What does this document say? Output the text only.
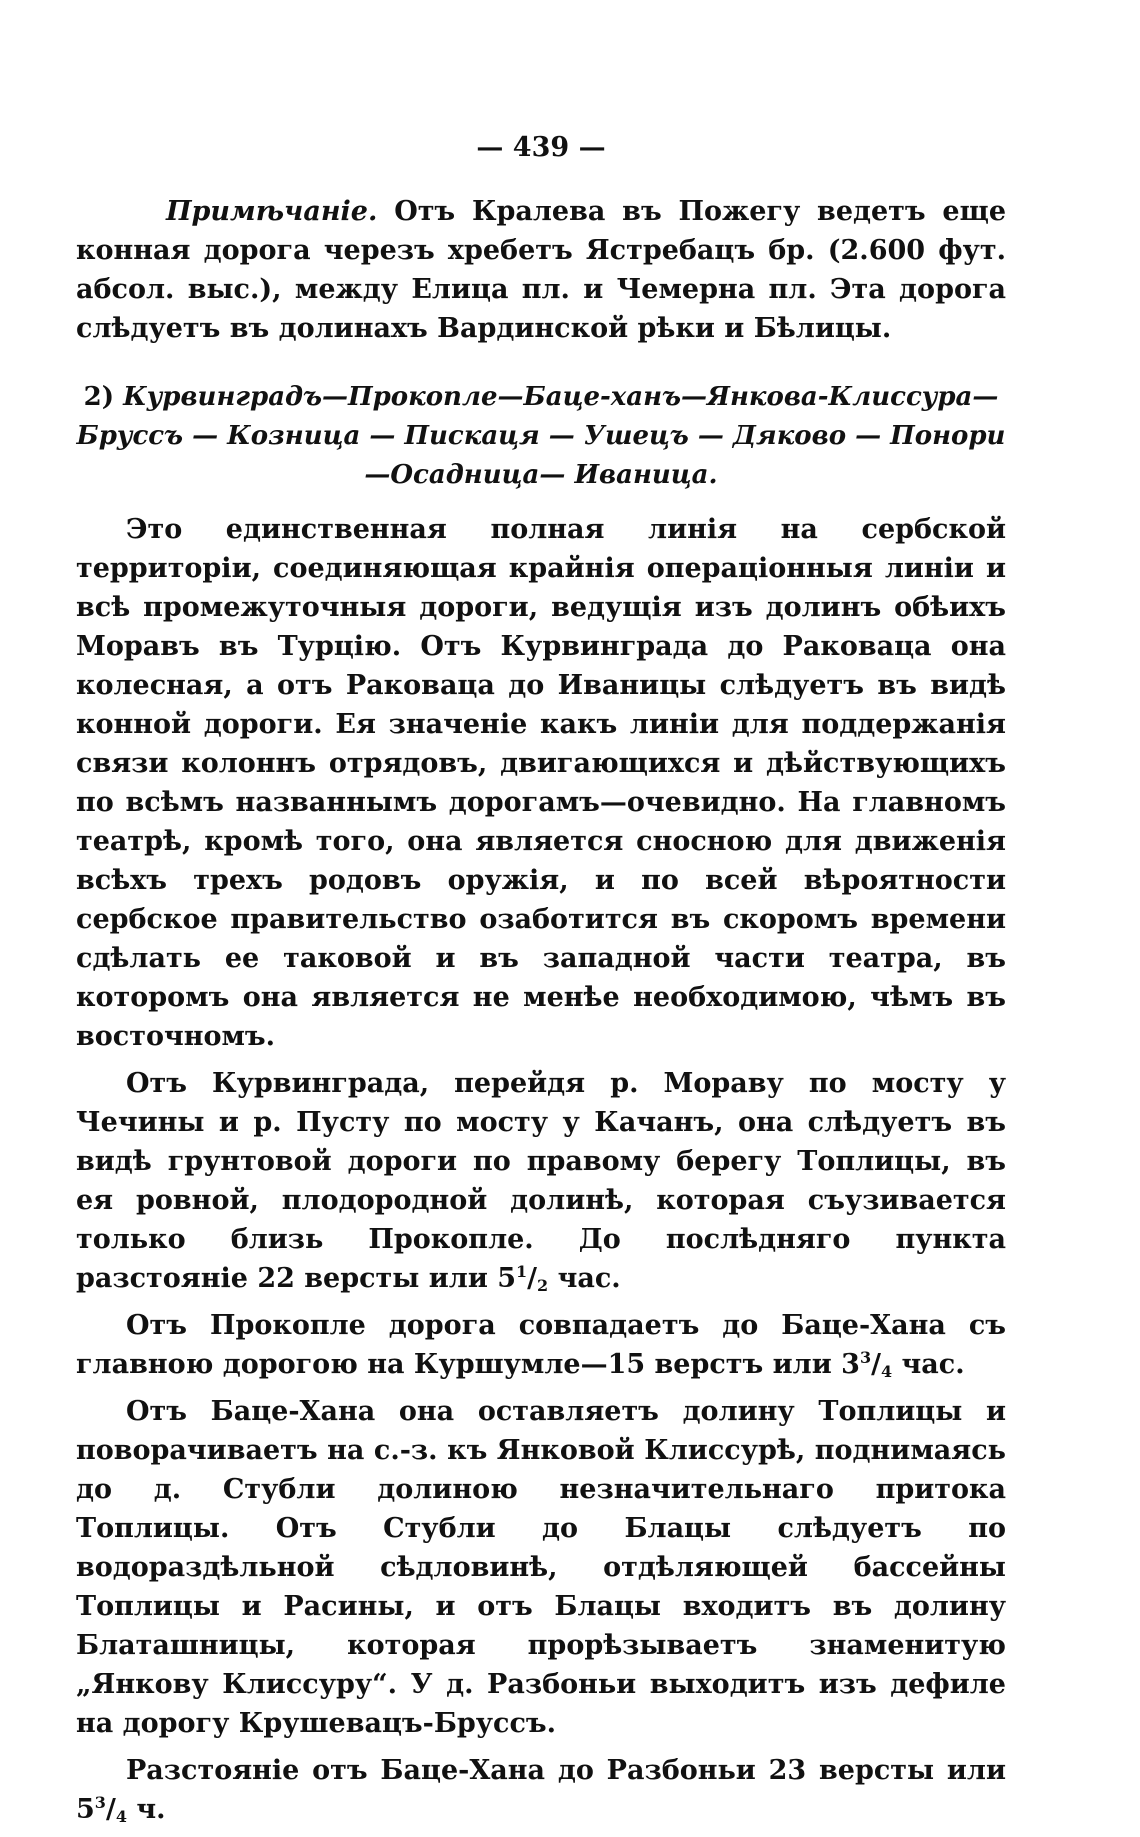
— 439 —
Примѣчанiе. Отъ Кралева въ Пожегу ведетъ еще конная дорога черезъ хребетъ Ястребацъ бр. (2.600 фут. абсол. выс.), между Елица пл. и Чемерна пл. Эта дорога слѣдуетъ въ долинахъ Вардинской рѣки и Бѣлицы.
2) Курвинградъ—Прокопле—Баце-ханъ—Янкова-Клиссура—Бруссъ — Козница — Пискаця — Ушецъ — Дяково — Понори—Осадница— Иваница.

Это единственная полная линiя на сербской территорiи, соединяющая крайнiя операцiонныя линiи и всѣ промежуточныя дороги, ведущiя изъ долинъ обѣихъ Моравъ въ Турцiю. Отъ Курвинграда до Раковаца она колесная, а отъ Раковаца до Иваницы слѣдуетъ въ видѣ конной дороги. Ея значенiе какъ линiи для поддержанiя связи колоннъ отрядовъ, двигающихся и дѣйствующихъ по всѣмъ названнымъ дорогамъ—очевидно. На главномъ театрѣ, кромѣ того, она является сносною для движенiя всѣхъ трехъ родовъ оружiя, и по всей вѣроятности сербское правительство озаботится въ скоромъ времени сдѣлать ее таковой и въ западной части театра, въ которомъ она является не менѣе необходимою, чѣмъ въ восточномъ.

Отъ Курвинграда, перейдя р. Мораву по мосту у Чечины и р. Пусту по мосту у Качанъ, она слѣдуетъ въ видѣ грунтовой дороги по правому берегу Топлицы, въ ея ровной, плодородной долинѣ, которая съузивается только близь Прокопле. До послѣдняго пункта разстоянiе 22 версты или $5^1/2$ час.

Отъ Прокопле дорога совпадаетъ до Баце-Хана съ главною дорогою на Куршумле—15 верстъ или $3^3/4$ час.

Отъ Баце-Хана она оставляетъ долину Топлицы и поворачиваетъ на с.-з. къ Янковой Клиссурѣ, поднимаясь до д. Стубли долиною незначительнаго притока Топлицы. Отъ Стубли до Блацы слѣдуетъ по водораздѣльной сѣдловинѣ, отдѣляющей бассейны Топлицы и Расины, и отъ Блацы входитъ въ долину Блаташницы, которая прорѣзываетъ знаменитую „Янкову Клиссуру“. У д. Разбоньи выходитъ изъ дефиле на дорогу Крушевацъ-Бруссъ.

Разстоянiе отъ Баце-Хана до Разбоньи 23 версты или $5^3/4$ ч.
